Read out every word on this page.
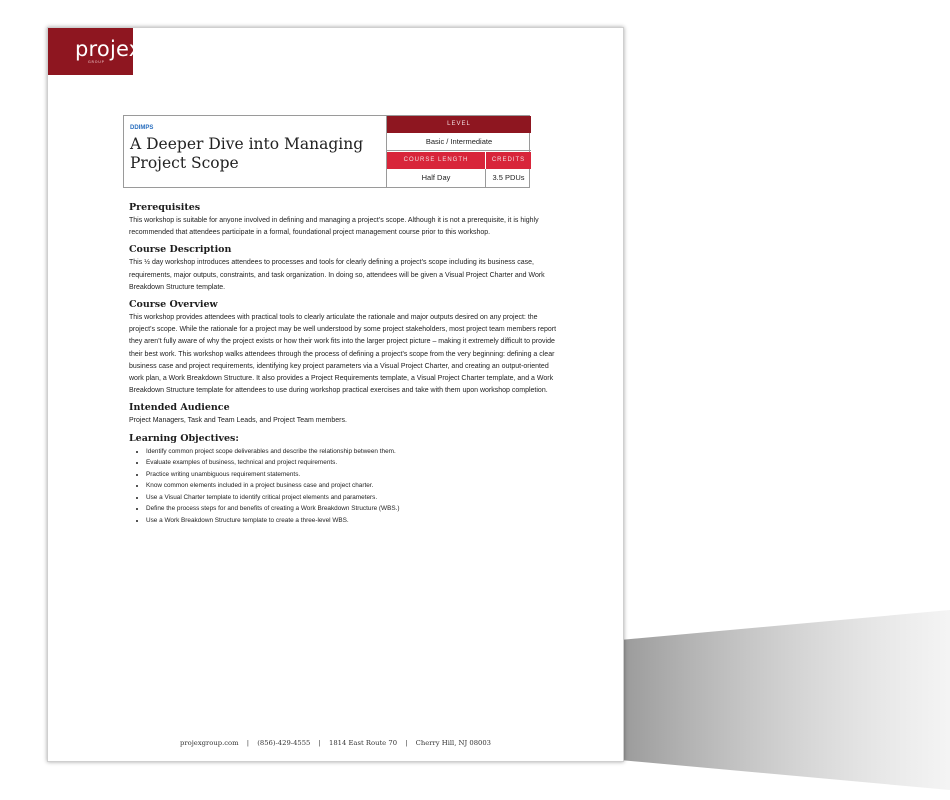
projex
GROUP
DDIMPS
A Deeper Dive into Managing Project Scope
LEVEL
Basic / Intermediate
COURSE LENGTH	CREDITS
Half Day	3.5 PDUs
Prerequisites
This workshop is suitable for anyone involved in defining and managing a project’s scope. Although it is not a prerequisite, it is highly recommended that attendees participate in a formal, foundational project management course prior to this workshop.
Course Description
This ½ day workshop introduces attendees to processes and tools for clearly defining a project’s scope including its business case, requirements, major outputs, constraints, and task organization. In doing so, attendees will be given a Visual Project Charter and Work Breakdown Structure template.
Course Overview
This workshop provides attendees with practical tools to clearly articulate the rationale and major outputs desired on any project: the project’s scope. While the rationale for a project may be well understood by some project stakeholders, most project team members report they aren’t fully aware of why the project exists or how their work fits into the larger project picture – making it extremely difficult to provide their best work. This workshop walks attendees through the process of defining a project’s scope from the very beginning: defining a clear business case and project requirements, identifying key project parameters via a Visual Project Charter, and creating an output-oriented work plan, a Work Breakdown Structure. It also provides a Project Requirements template, a Visual Project Charter template, and a Work Breakdown Structure template for attendees to use during workshop practical exercises and take with them upon workshop completion.
Intended Audience
Project Managers, Task and Team Leads, and Project Team members.
Learning Objectives:
• Identify common project scope deliverables and describe the relationship between them.
• Evaluate examples of business, technical and project requirements.
• Practice writing unambiguous requirement statements.
• Know common elements included in a project business case and project charter.
• Use a Visual Charter template to identify critical project elements and parameters.
• Define the process steps for and benefits of creating a Work Breakdown Structure (WBS.)
• Use a Work Breakdown Structure template to create a three-level WBS.
projexgroup.com | (856)-429-4555 | 1814 East Route 70 | Cherry Hill, NJ 08003
